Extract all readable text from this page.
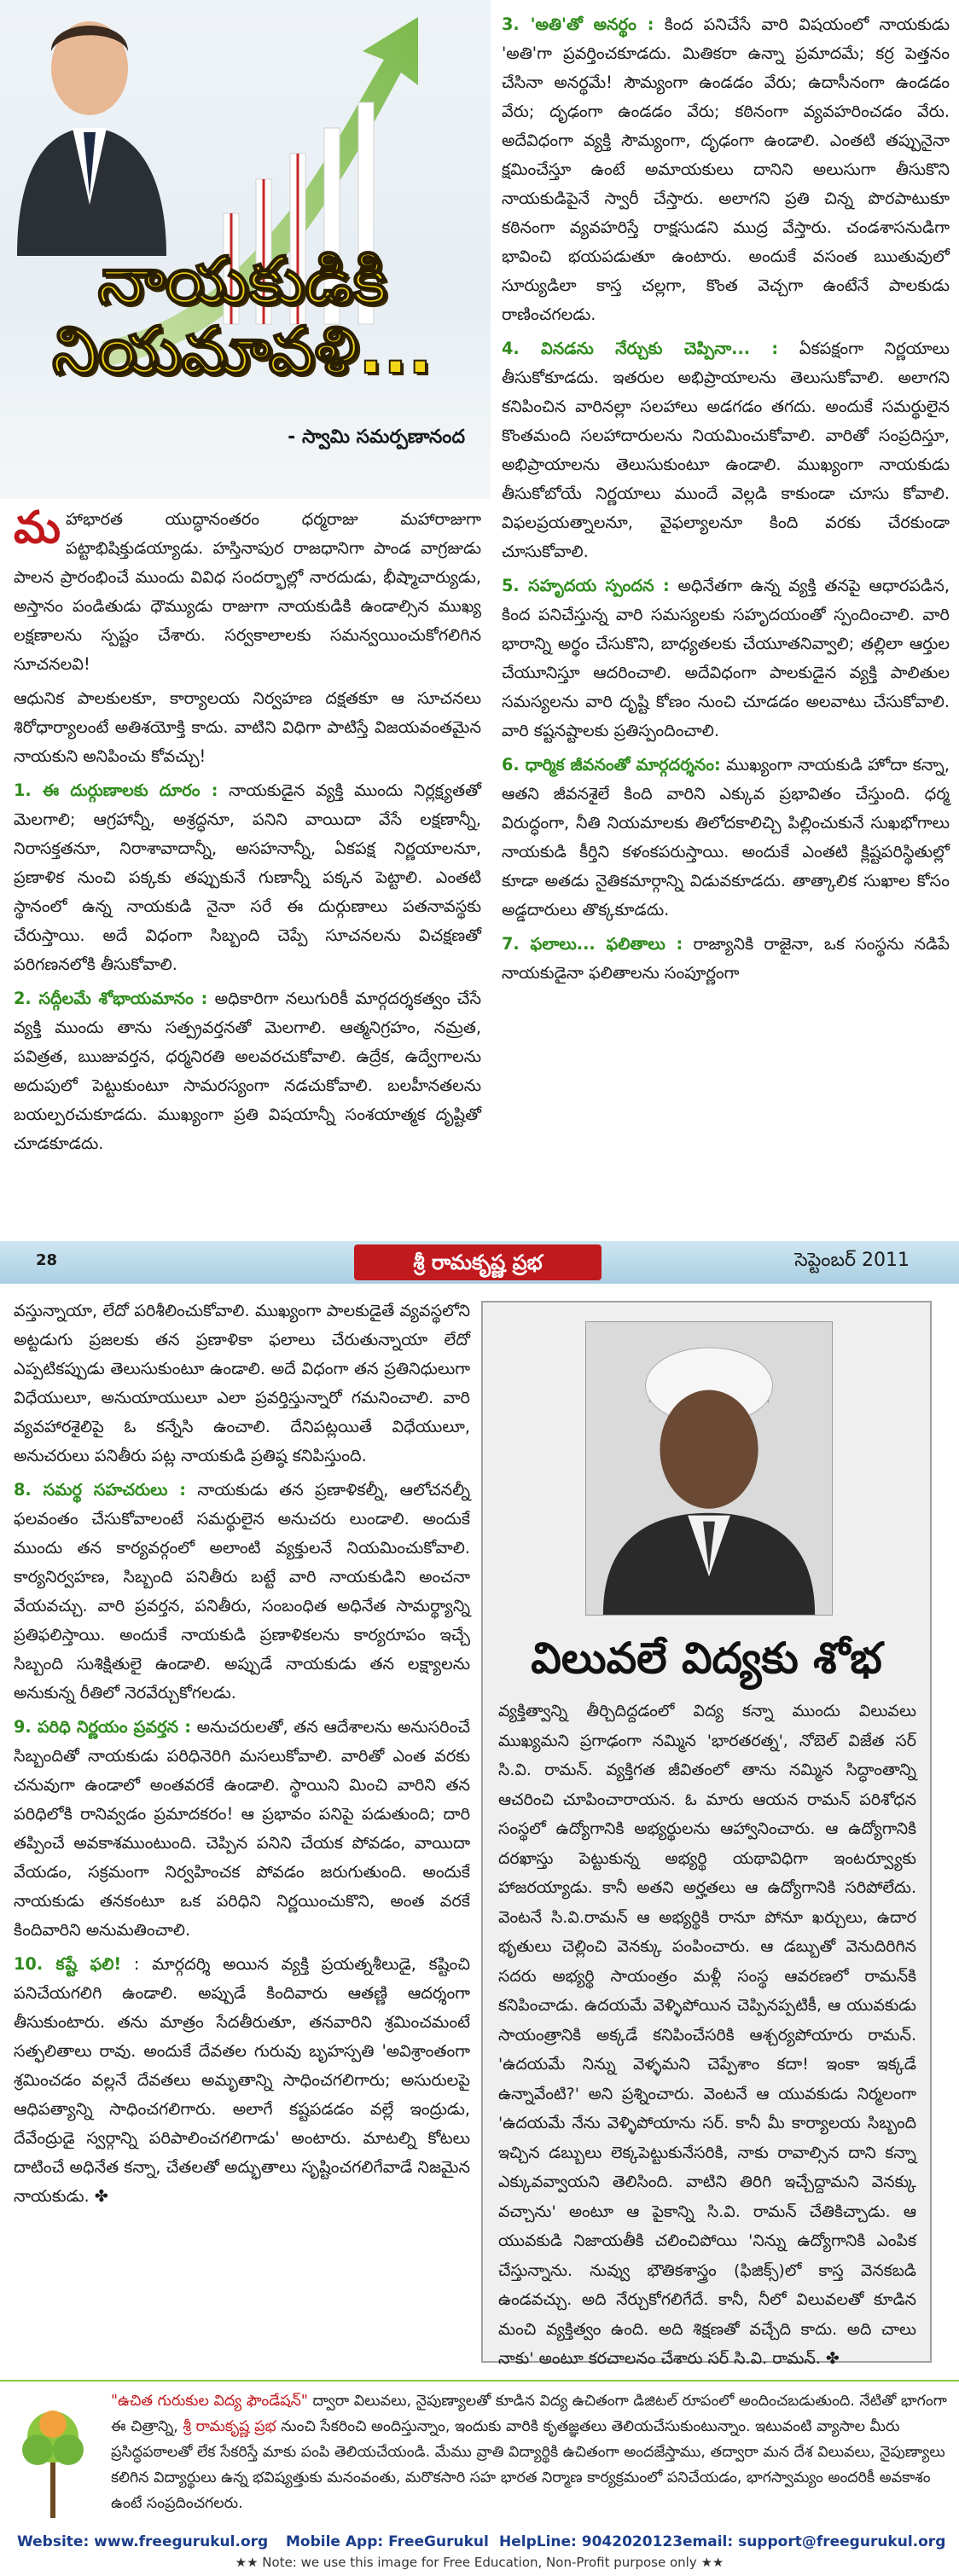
నాయకుడికి
నియమావళి...
- స్వామి సమర్పణానంద

మహాభారత యుద్ధానంతరం ధర్మరాజు మహారాజుగా పట్టాభిషిక్తుడయ్యాడు. హస్తినాపుర రాజధానిగా పాండ వాగ్రజుడు పాలన ప్రారంభించే ముందు వివిధ సందర్భాల్లో నారదుడు, భీష్మాచార్యుడు, అస్తానం పండితుడు ధౌమ్యుడు రాజుగా నాయకుడికి ఉండాల్సిన ముఖ్య లక్షణాలను స్పష్టం చేశారు. సర్వకాలాలకు సమన్వయించుకోగలిగిన సూచనలవి!

ఆధునిక పాలకులకూ, కార్యాలయ నిర్వహణ దక్షతకూ ఆ సూచనలు శిరోధార్యాలంటే అతిశయోక్తి కాదు. వాటిని విధిగా పాటిస్తే విజయవంతమైన నాయకుని అనిపించు కోవచ్చు!

1. ఈ దుర్గుణాలకు దూరం : నాయకుడైన వ్యక్తి ముందు నిర్లక్ష్యతతో మెలగాలి; ఆగ్రహాన్నీ, అశ్రద్ధనూ, పనిని వాయిదా వేసే లక్షణాన్నీ, నిరాసక్తతనూ, నిరాశావాదాన్నీ, అసహనాన్నీ, ఏకపక్ష నిర్ణయాలనూ, ప్రణాళిక నుంచి పక్కకు తప్పుకునే గుణాన్నీ పక్కన పెట్టాలి. ఎంతటి స్థానంలో ఉన్న నాయకుడి నైనా సరే ఈ దుర్గుణాలు పతనావస్థకు చేరుస్తాయి. అదే విధంగా సిబ్బంది చెప్పే సూచనలను విచక్షణతో పరిగణనలోకి తీసుకోవాలి.

2. సద్గీలమే శోభాయమానం : అధికారిగా నలుగురికీ మార్గదర్శకత్వం చేసే వ్యక్తి ముందు తాను సత్ప్రవర్తనతో మెలగాలి. ఆత్మనిగ్రహం, నమ్రత, పవిత్రత, ఋజువర్తన, ధర్మనిరతి అలవరచుకోవాలి. ఉద్రేక, ఉద్వేగాలను అదుపులో పెట్టుకుంటూ సామరస్యంగా నడచుకోవాలి. బలహీనతలను బయల్పరచుకూడదు. ముఖ్యంగా ప్రతి విషయాన్నీ సంశయాత్మక దృష్టితో చూడకూడదు.

3. 'అతి'తో అనర్థం : కింద పనిచేసే వారి విషయంలో నాయకుడు 'అతి'గా ప్రవర్తించకూడదు. మితికరా ఉన్నా ప్రమాదమే; కర్ర పెత్తనం చేసినా అనర్థమే! సౌమ్యంగా ఉండడం వేరు; ఉదాసీనంగా ఉండడం వేరు; దృఢంగా ఉండడం వేరు; కఠినంగా వ్యవహరించడం వేరు. అదేవిధంగా వ్యక్తి సౌమ్యంగా, దృఢంగా ఉండాలి. ఎంతటి తప్పునైనా క్షమించేస్తూ ఉంటే అమాయకులు దానిని అలుసుగా తీసుకొని నాయకుడిపైనే స్వారీ చేస్తారు. అలాగని ప్రతి చిన్న పొరపాటుకూ కఠినంగా వ్యవహరిస్తే రాక్షసుడని ముద్ర వేస్తారు. చండశాసనుడిగా భావించి భయపడుతూ ఉంటారు. అందుకే వసంత ఋతువులో సూర్యుడిలా కాస్త చల్లగా, కొంత వెచ్చగా ఉంటేనే పాలకుడు రాణించగలడు.

4. వినడను నేర్చుకు చెప్పినా... : ఏకపక్షంగా నిర్ణయాలు తీసుకోకూడదు. ఇతరుల అభిప్రాయాలను తెలుసుకోవాలి. అలాగని కనిపించిన వారినల్లా సలహాలు అడగడం తగదు. అందుకే సమర్థులైన కొంతమంది సలహాదారులను నియమించుకోవాలి. వారితో సంప్రదిస్తూ, అభిప్రాయాలను తెలుసుకుంటూ ఉండాలి. ముఖ్యంగా నాయకుడు తీసుకోబోయే నిర్ణయాలు ముందే వెల్లడి కాకుండా చూసు కోవాలి. విఫలప్రయత్నాలనూ, వైఫల్యాలనూ కింది వరకు చేరకుండా చూసుకోవాలి.

5. సహృదయ స్పందన : అధినేతగా ఉన్న వ్యక్తి తనపై ఆధారపడిన, కింద పనిచేస్తున్న వారి సమస్యలకు సహృదయంతో స్పందించాలి. వారి భారాన్ని అర్థం చేసుకొని, బాధ్యతలకు చేయూతనివ్వాలి; తల్లిలా ఆర్తుల చేయూనిస్తూ ఆదరించాలి. అదేవిధంగా పాలకుడైన వ్యక్తి పాలితుల సమస్యలను వారి దృష్టి కోణం నుంచి చూడడం అలవాటు చేసుకోవాలి. వారి కష్టనష్టాలకు ప్రతిస్పందించాలి.

6. ధార్మిక జీవనంతో మార్గదర్శనం: ముఖ్యంగా నాయకుడి హోదా కన్నా, ఆతని జీవనశైలే కింది వారిని ఎక్కువ ప్రభావితం చేస్తుంది. ధర్మ విరుద్ధంగా, నీతి నియమాలకు తిలోదకాలిచ్చి పిల్లించుకునే సుఖభోగాలు నాయకుడి కీర్తిని కళంకపరుస్తాయి. అందుకే ఎంతటి క్లిష్టపరిస్థితుల్లో కూడా అతడు నైతికమార్గాన్ని విడువకూడదు. తాత్కాలిక సుఖాల కోసం అడ్డదారులు తొక్కకూడదు.

7. ఫలాలు... ఫలితాలు : రాజ్యానికి రాజైనా, ఒక సంస్థను నడిపే నాయకుడైనా ఫలితాలను సంపూర్ణంగా

28	శ్రీ రామకృష్ణ ప్రభ	సెప్టెంబర్ 2011

వస్తున్నాయా, లేదో పరిశీలించుకోవాలి. ముఖ్యంగా పాలకుడైతే వ్యవస్థలోని అట్టడుగు ప్రజలకు తన ప్రణాళికా ఫలాలు చేరుతున్నాయా లేదో ఎప్పటికప్పుడు తెలుసుకుంటూ ఉండాలి. అదే విధంగా తన ప్రతినిధులుగా విధేయులూ, అనుయాయులూ ఎలా ప్రవర్తిస్తున్నారో గమనించాలి. వారి వ్యవహారశైలిపై ఓ కన్నేసి ఉంచాలి. దేనిపట్లయితే విధేయులూ, అనుచరులు పనితీరు పట్ల నాయకుడి ప్రతిష్ఠ కనిపిస్తుంది.

8. సమర్థ సహచరులు : నాయకుడు తన ప్రణాళికల్నీ, ఆలోచనల్నీ ఫలవంతం చేసుకోవాలంటే సమర్థులైన అనుచరు లుండాలి. అందుకే ముందు తన కార్యవర్గంలో అలాంటి వ్యక్తులనే నియమించుకోవాలి. కార్యనిర్వహణ, సిబ్బంది పనితీరు బట్టే వారి నాయకుడిని అంచనా వేయవచ్చు. వారి ప్రవర్తన, పనితీరు, సంబంధిత అధినేత సామర్థ్యాన్ని ప్రతిఫలిస్తాయి. అందుకే నాయకుడి ప్రణాళికలను కార్యరూపం ఇచ్చే సిబ్బంది సుశిక్షితులై ఉండాలి. అప్పుడే నాయకుడు తన లక్ష్యాలను అనుకున్న రీతిలో నెరవేర్చుకోగలడు.

9. పరిధి నిర్ణయం ప్రవర్తన : అనుచరులతో, తన ఆదేశాలను అనుసరించే సిబ్బందితో నాయకుడు పరిధినెరిగి మసలుకోవాలి. వారితో ఎంత వరకు చనువుగా ఉండాలో అంతవరకే ఉండాలి. స్థాయిని మించి వారిని తన పరిధిలోకి రానివ్వడం ప్రమాదకరం! ఆ ప్రభావం పనిపై పడుతుంది; దారి తప్పించే అవకాశముంటుంది. చెప్పిన పనిని చేయక పోవడం, వాయిదా వేయడం, సక్రమంగా నిర్వహించక పోవడం జరుగుతుంది. అందుకే నాయకుడు తనకంటూ ఒక పరిధిని నిర్ణయించుకొని, అంత వరకే కిందివారిని అనుమతించాలి.

10. కష్టే ఫలి! : మార్గదర్శి అయిన వ్యక్తి ప్రయత్నశీలుడై, కష్టించి పనిచేయగలిగి ఉండాలి. అప్పుడే కిందివారు ఆతణ్ణి ఆదర్శంగా తీసుకుంటారు. తను మాత్రం సేదతీరుతూ, తనవారిని శ్రమించమంటే సత్ఫలితాలు రావు. అందుకే దేవతల గురువు బృహస్పతి 'అవిశ్రాంతంగా శ్రమించడం వల్లనే దేవతలు అమృతాన్ని సాధించగలిగారు; అసురులపై ఆధిపత్యాన్ని సాధించగలిగారు. అలాగే కష్టపడడం వల్లే ఇంద్రుడు, దేవేంద్రుడై స్వర్గాన్ని పరిపాలించగలిగాడు' అంటారు. మాటల్ని కోటలు దాటించే అధినేత కన్నా, చేతలతో అద్భుతాలు సృష్టించగలిగేవాడే నిజమైన నాయకుడు. ✤

విలువలే విద్యకు శోభ
వ్యక్తిత్వాన్ని తీర్చిదిద్దడంలో విద్య కన్నా ముందు విలువలు ముఖ్యమని ప్రగాఢంగా నమ్మిన 'భారతరత్న', నోబెల్ విజేత సర్ సి.వి. రామన్. వ్యక్తిగత జీవితంలో తాను నమ్మిన సిద్ధాంతాన్ని ఆచరించి చూపించారాయన. ఓ మారు ఆయన రామన్ పరిశోధన సంస్థలో ఉద్యోగానికి అభ్యర్థులను ఆహ్వానించారు. ఆ ఉద్యోగానికి దరఖాస్తు పెట్టుకున్న అభ్యర్థి యథావిధిగా ఇంటర్వ్యూకు హాజరయ్యాడు. కానీ అతని అర్హతలు ఆ ఉద్యోగానికి సరిపోలేదు. వెంటనే సి.వి.రామన్ ఆ అభ్యర్థికి రానూ పోనూ ఖర్చులు, ఉదార భృతులు చెల్లించి వెనక్కు పంపించారు. ఆ డబ్బుతో వెనుదిరిగిన సదరు అభ్యర్థి సాయంత్రం మళ్లీ సంస్థ ఆవరణలో రామన్‌కి కనిపించాడు. ఉదయమే వెళ్ళిపోయిన చెప్పినప్పటికీ, ఆ యువకుడు సాయంత్రానికి అక్కడే కనిపించేసరికి ఆశ్చర్యపోయారు రామన్. 'ఉదయమే నిన్ను వెళ్ళమని చెప్పేశాం కదా! ఇంకా ఇక్కడే ఉన్నావేంటి?' అని ప్రశ్నించారు. వెంటనే ఆ యువకుడు నిర్మలంగా 'ఉదయమే నేను వెళ్ళిపోయాను సర్. కానీ మీ కార్యాలయ సిబ్బంది ఇచ్చిన డబ్బులు లెక్కపెట్టుకునేసరికి, నాకు రావాల్సిన దాని కన్నా ఎక్కువవ్వాయని తెలిసింది. వాటిని తిరిగి ఇచ్చేద్దామని వెనక్కు వచ్చాను' అంటూ ఆ పైకాన్ని సి.వి. రామన్ చేతికిచ్చాడు. ఆ యువకుడి నిజాయతీకి చలించిపోయి 'నిన్ను ఉద్యోగానికి ఎంపిక చేస్తున్నాను. నువ్వు భౌతికశాస్త్రం (ఫిజిక్స్)లో కాస్త వెనకబడి ఉండవచ్చు. అది నేర్చుకోగలిగేదే. కానీ, నీలో విలువలతో కూడిన మంచి వ్యక్తిత్వం ఉంది. అది శిక్షణతో వచ్చేది కాదు. అది చాలు నాకు' అంటూ కరచాలనం చేశారు సర్ సి.వి. రామన్. ✤
"ఉచిత గురుకుల విద్య ఫౌండేషన్" ద్వారా విలువలు, నైపుణ్యాలతో కూడిన విద్య ఉచితంగా డిజిటల్ రూపంలో అందించబడుతుంది. నేటితో భాగంగా ఈ చిత్రాన్ని, శ్రీ రామకృష్ణ ప్రభ నుంచి సేకరించి అందిస్తున్నాం, ఇందుకు వారికి కృతజ్ఞతలు తెలియచేసుకుంటున్నాం. ఇటువంటి వ్యాసాల మీరు ప్రసిద్ధపఠాలతో లేక సేకరిస్తే మాకు పంపి తెలియచేయండి. మేము వ్రాతి విద్యార్థికి ఉచితంగా అందజేస్తాము, తద్వారా మన దేశ విలువలు, నైపుణ్యాలు కలిగిన విద్యార్థులు ఉన్న భవిష్యత్తుకు మనంవంతు, మరొకసారి సహ భారత నిర్మాణ కార్యక్రమంలో పనిచేయడం, భాగస్వామ్యం అందరికీ అవకాశం ఉంటే సంప్రదించగలరు.
Website: www.freegurukul.org Mobile App: FreeGurukul HelpLine: 9042020123 email: support@freegurukul.org
★★ Note: we use this image for Free Education, Non-Profit purpose only ★★
